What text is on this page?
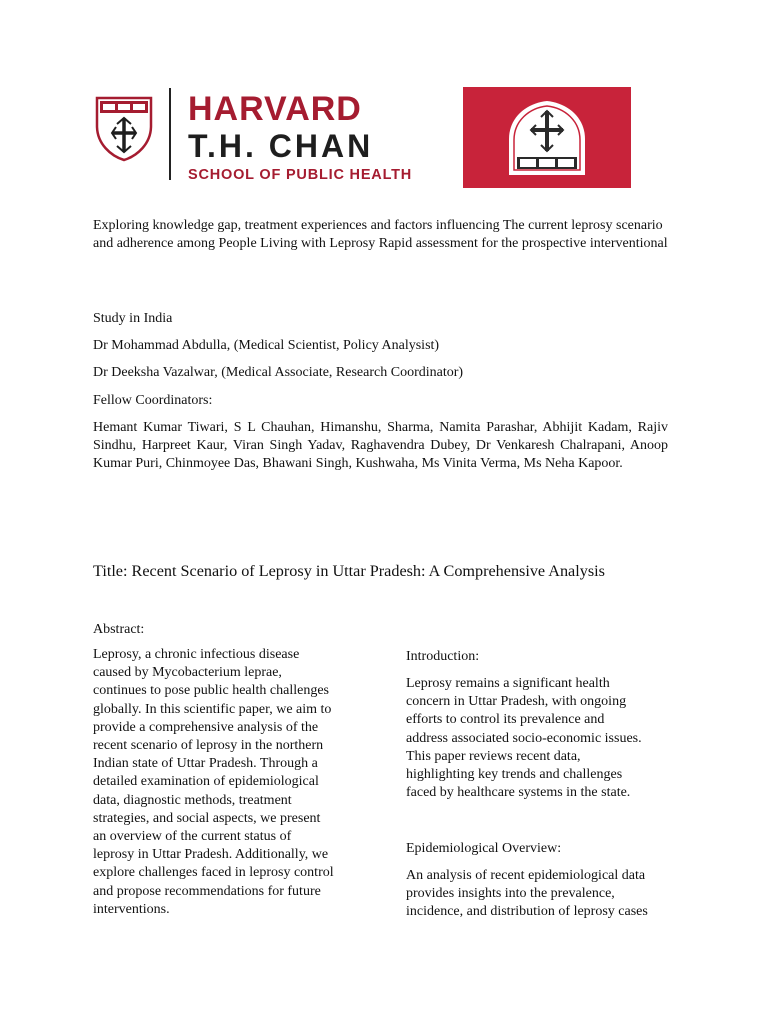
HARVARD
T.H. CHAN
SCHOOL OF PUBLIC HEALTH

Exploring knowledge gap, treatment experiences and factors influencing The current leprosy scenario and adherence among People Living with Leprosy Rapid assessment for the prospective interventional

Study in India
Dr Mohammad Abdulla, (Medical Scientist, Policy Analysist)
Dr Deeksha Vazalwar, (Medical Associate, Research Coordinator)
Fellow Coordinators:

Hemant Kumar Tiwari, S L Chauhan, Himanshu, Sharma, Namita Parashar, Abhijit Kadam, Rajiv Sindhu, Harpreet Kaur, Viran Singh Yadav, Raghavendra Dubey, Dr Venkaresh Chalrapani, Anoop Kumar Puri, Chinmoyee Das, Bhawani Singh, Kushwaha, Ms Vinita Verma, Ms Neha Kapoor.

Title: Recent Scenario of Leprosy in Uttar Pradesh: A Comprehensive Analysis
Abstract:
Leprosy, a chronic infectious disease
caused by Mycobacterium leprae,
continues to pose public health challenges
globally. In this scientific paper, we aim to
provide a comprehensive analysis of the
recent scenario of leprosy in the northern
Indian state of Uttar Pradesh. Through a
detailed examination of epidemiological
data, diagnostic methods, treatment
strategies, and social aspects, we present
an overview of the current status of
leprosy in Uttar Pradesh. Additionally, we
explore challenges faced in leprosy control
and propose recommendations for future
interventions.
Introduction:
Leprosy remains a significant health
concern in Uttar Pradesh, with ongoing
efforts to control its prevalence and
address associated socio-economic issues.
This paper reviews recent data,
highlighting key trends and challenges
faced by healthcare systems in the state.
Epidemiological Overview:
An analysis of recent epidemiological data
provides insights into the prevalence,
incidence, and distribution of leprosy cases
